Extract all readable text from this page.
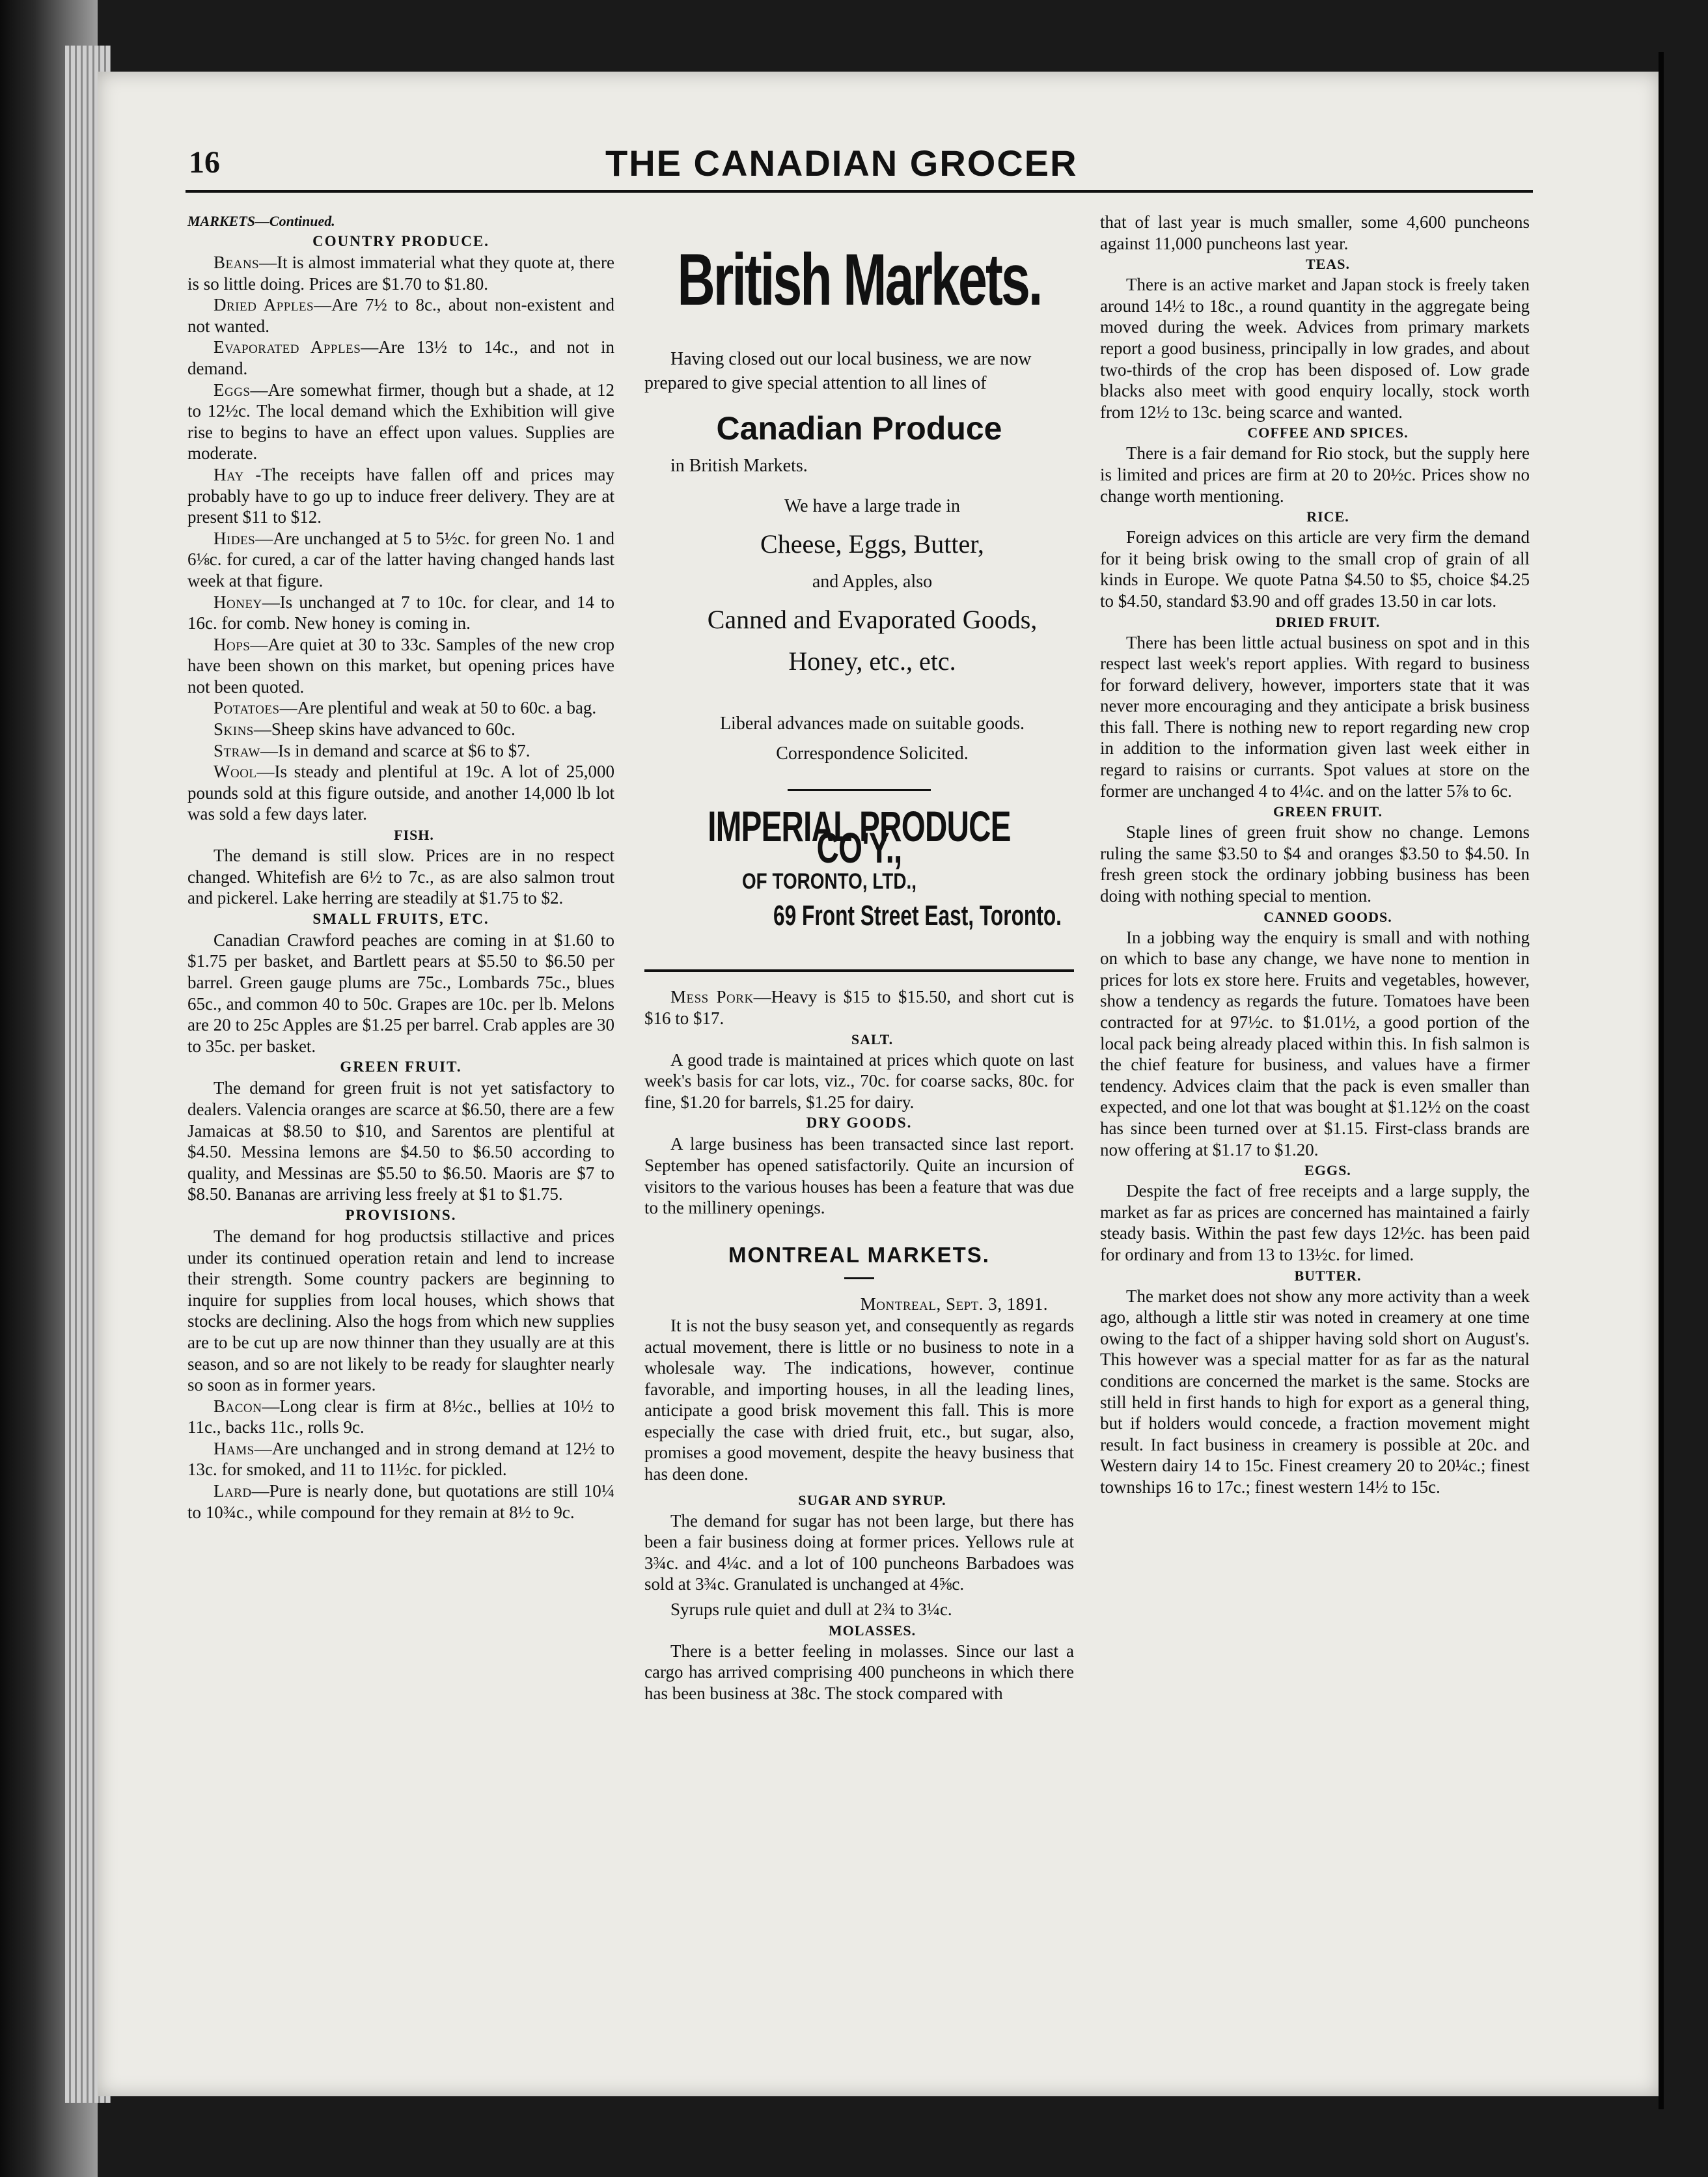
16	THE CANADIAN GROCER

MARKETS—Continued.

COUNTRY PRODUCE.

Beans—It is almost immaterial what they quote at, there is so little doing. Prices are $1.70 to $1.80.

Dried Apples—Are 7½ to 8c., about non-existent and not wanted.

Evaporated Apples—Are 13½ to 14c., and not in demand.

Eggs—Are somewhat firmer, though but a shade, at 12 to 12½c. The local demand which the Exhibition will give rise to begins to have an effect upon values. Supplies are moderate.

Hay -The receipts have fallen off and prices may probably have to go up to induce freer delivery. They are at present $11 to $12.

Hides—Are unchanged at 5 to 5½c. for green No. 1 and 6⅛c. for cured, a car of the latter having changed hands last week at that figure.

Honey—Is unchanged at 7 to 10c. for clear, and 14 to 16c. for comb. New honey is coming in.

Hops—Are quiet at 30 to 33c. Samples of the new crop have been shown on this market, but opening prices have not been quoted.

Potatoes—Are plentiful and weak at 50 to 60c. a bag.

Skins—Sheep skins have advanced to 60c.

Straw—Is in demand and scarce at $6 to $7.

Wool—Is steady and plentiful at 19c. A lot of 25,000 pounds sold at this figure outside, and another 14,000 lb lot was sold a few days later.

FISH.

The demand is still slow. Prices are in no respect changed. Whitefish are 6½ to 7c., as are also salmon trout and pickerel. Lake herring are steadily at $1.75 to $2.

SMALL FRUITS, ETC.

Canadian Crawford peaches are coming in at $1.60 to $1.75 per basket, and Bartlett pears at $5.50 to $6.50 per barrel. Green gauge plums are 75c., Lombards 75c., blues 65c., and common 40 to 50c. Grapes are 10c. per lb. Melons are 20 to 25c Apples are $1.25 per barrel. Crab apples are 30 to 35c. per basket.

GREEN FRUIT.

The demand for green fruit is not yet satisfactory to dealers. Valencia oranges are scarce at $6.50, there are a few Jamaicas at $8.50 to $10, and Sarentos are plentiful at $4.50. Messina lemons are $4.50 to $6.50 according to quality, and Messinas are $5.50 to $6.50. Maoris are $7 to $8.50. Bananas are arriving less freely at $1 to $1.75.

PROVISIONS.

The demand for hog productsis stillactive and prices under its continued operation retain and lend to increase their strength. Some country packers are beginning to inquire for supplies from local houses, which shows that stocks are declining. Also the hogs from which new supplies are to be cut up are now thinner than they usually are at this season, and so are not likely to be ready for slaughter nearly so soon as in former years.

Bacon—Long clear is firm at 8½c., bellies at 10½ to 11c., backs 11c., rolls 9c.

Hams—Are unchanged and in strong demand at 12½ to 13c. for smoked, and 11 to 11½c. for pickled.

Lard—Pure is nearly done, but quotations are still 10¼ to 10¾c., while compound for they remain at 8½ to 9c.

British Markets.

Having closed out our local business, we are now prepared to give special attention to all lines of

Canadian Produce

in British Markets.

We have a large trade in

Cheese, Eggs, Butter,

and Apples, also

Canned and Evaporated Goods,

Honey, etc., etc.

Liberal advances made on suitable goods.

Correspondence Solicited.

IMPERIAL PRODUCE CO'Y.,
OF TORONTO, LTD.,
69 Front Street East, Toronto.

Mess Pork—Heavy is $15 to $15.50, and short cut is $16 to $17.

SALT.

A good trade is maintained at prices which quote on last week's basis for car lots, viz., 70c. for coarse sacks, 80c. for fine, $1.20 for barrels, $1.25 for dairy.

DRY GOODS.

A large business has been transacted since last report. September has opened satisfactorily. Quite an incursion of visitors to the various houses has been a feature that was due to the millinery openings.

MONTREAL MARKETS.

Montreal, Sept. 3, 1891.

It is not the busy season yet, and consequently as regards actual movement, there is little or no business to note in a wholesale way. The indications, however, continue favorable, and importing houses, in all the leading lines, anticipate a good brisk movement this fall. This is more especially the case with dried fruit, etc., but sugar, also, promises a good movement, despite the heavy business that has deen done.

SUGAR AND SYRUP.

The demand for sugar has not been large, but there has been a fair business doing at former prices. Yellows rule at 3¾c. and 4¼c. and a lot of 100 puncheons Barbadoes was sold at 3¾c. Granulated is unchanged at 4⅝c.

Syrups rule quiet and dull at 2¾ to 3¼c.

MOLASSES.

There is a better feeling in molasses. Since our last a cargo has arrived comprising 400 puncheons in which there has been business at 38c. The stock compared with

that of last year is much smaller, some 4,600 puncheons against 11,000 puncheons last year.

TEAS.

There is an active market and Japan stock is freely taken around 14½ to 18c., a round quantity in the aggregate being moved during the week. Advices from primary markets report a good business, principally in low grades, and about two-thirds of the crop has been disposed of. Low grade blacks also meet with good enquiry locally, stock worth from 12½ to 13c. being scarce and wanted.

COFFEE AND SPICES.

There is a fair demand for Rio stock, but the supply here is limited and prices are firm at 20 to 20½c. Prices show no change worth mentioning.

RICE.

Foreign advices on this article are very firm the demand for it being brisk owing to the small crop of grain of all kinds in Europe. We quote Patna $4.50 to $5, choice $4.25 to $4.50, standard $3.90 and off grades 13.50 in car lots.

DRIED FRUIT.

There has been little actual business on spot and in this respect last week's report applies. With regard to business for forward delivery, however, importers state that it was never more encouraging and they anticipate a brisk business this fall. There is nothing new to report regarding new crop in addition to the information given last week either in regard to raisins or currants. Spot values at store on the former are unchanged 4 to 4¼c. and on the latter 5⅞ to 6c.

GREEN FRUIT.

Staple lines of green fruit show no change. Lemons ruling the same $3.50 to $4 and oranges $3.50 to $4.50. In fresh green stock the ordinary jobbing business has been doing with nothing special to mention.

CANNED GOODS.

In a jobbing way the enquiry is small and with nothing on which to base any change, we have none to mention in prices for lots ex store here. Fruits and vegetables, however, show a tendency as regards the future. Tomatoes have been contracted for at 97½c. to $1.01½, a good portion of the local pack being already placed within this. In fish salmon is the chief feature for business, and values have a firmer tendency. Advices claim that the pack is even smaller than expected, and one lot that was bought at $1.12½ on the coast has since been turned over at $1.15. First-class brands are now offering at $1.17 to $1.20.

EGGS.

Despite the fact of free receipts and a large supply, the market as far as prices are concerned has maintained a fairly steady basis. Within the past few days 12½c. has been paid for ordinary and from 13 to 13½c. for limed.

BUTTER.

The market does not show any more activity than a week ago, although a little stir was noted in creamery at one time owing to the fact of a shipper having sold short on August's. This however was a special matter for as far as the natural conditions are concerned the market is the same. Stocks are still held in first hands to high for export as a general thing, but if holders would concede, a fraction movement might result. In fact business in creamery is possible at 20c. and Western dairy 14 to 15c. Finest creamery 20 to 20¼c.; finest townships 16 to 17c.; finest western 14½ to 15c.
